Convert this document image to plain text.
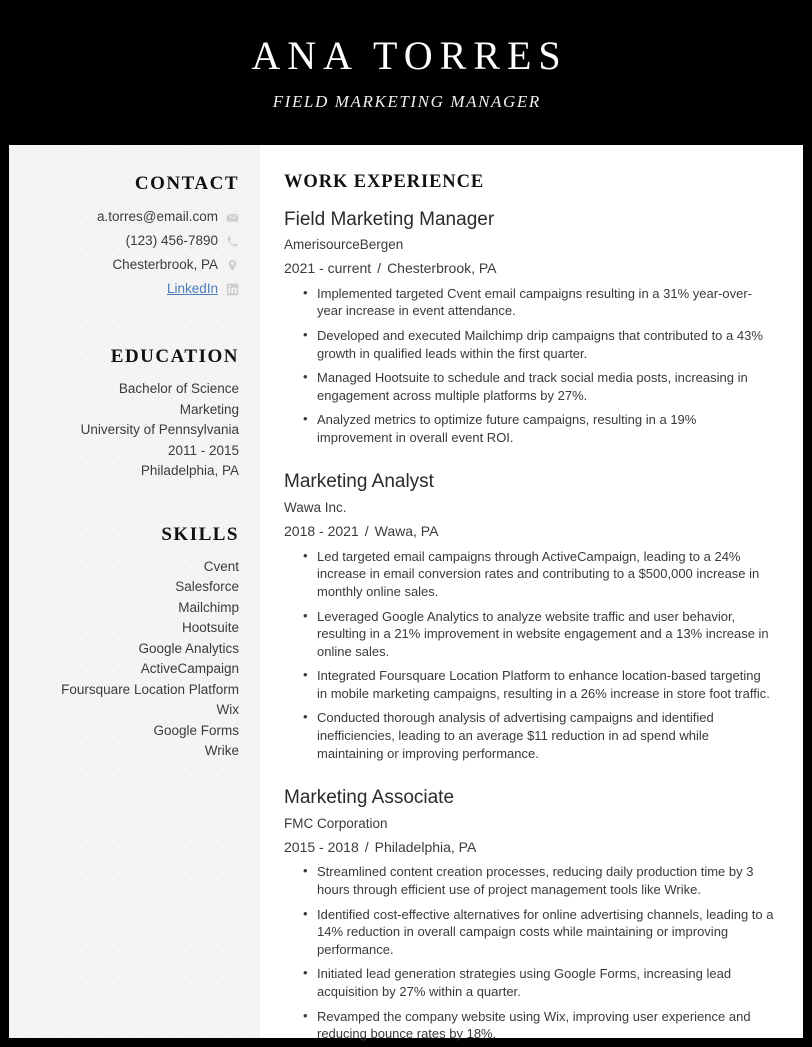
ANA TORRES
FIELD MARKETING MANAGER
CONTACT
a.torres@email.com
(123) 456-7890
Chesterbrook, PA
LinkedIn
EDUCATION
Bachelor of Science
Marketing
University of Pennsylvania
2011 - 2015
Philadelphia, PA
SKILLS
Cvent
Salesforce
Mailchimp
Hootsuite
Google Analytics
ActiveCampaign
Foursquare Location Platform
Wix
Google Forms
Wrike
WORK EXPERIENCE
Field Marketing Manager
AmerisourceBergen
2021 - current / Chesterbrook, PA
• Implemented targeted Cvent email campaigns resulting in a 31% year-over-year increase in event attendance.
• Developed and executed Mailchimp drip campaigns that contributed to a 43% growth in qualified leads within the first quarter.
• Managed Hootsuite to schedule and track social media posts, increasing in engagement across multiple platforms by 27%.
• Analyzed metrics to optimize future campaigns, resulting in a 19% improvement in overall event ROI.
Marketing Analyst
Wawa Inc.
2018 - 2021 / Wawa, PA
• Led targeted email campaigns through ActiveCampaign, leading to a 24% increase in email conversion rates and contributing to a $500,000 increase in monthly online sales.
• Leveraged Google Analytics to analyze website traffic and user behavior, resulting in a 21% improvement in website engagement and a 13% increase in online sales.
• Integrated Foursquare Location Platform to enhance location-based targeting in mobile marketing campaigns, resulting in a 26% increase in store foot traffic.
• Conducted thorough analysis of advertising campaigns and identified inefficiencies, leading to an average $11 reduction in ad spend while maintaining or improving performance.
Marketing Associate
FMC Corporation
2015 - 2018 / Philadelphia, PA
• Streamlined content creation processes, reducing daily production time by 3 hours through efficient use of project management tools like Wrike.
• Identified cost-effective alternatives for online advertising channels, leading to a 14% reduction in overall campaign costs while maintaining or improving performance.
• Initiated lead generation strategies using Google Forms, increasing lead acquisition by 27% within a quarter.
• Revamped the company website using Wix, improving user experience and reducing bounce rates by 18%.
